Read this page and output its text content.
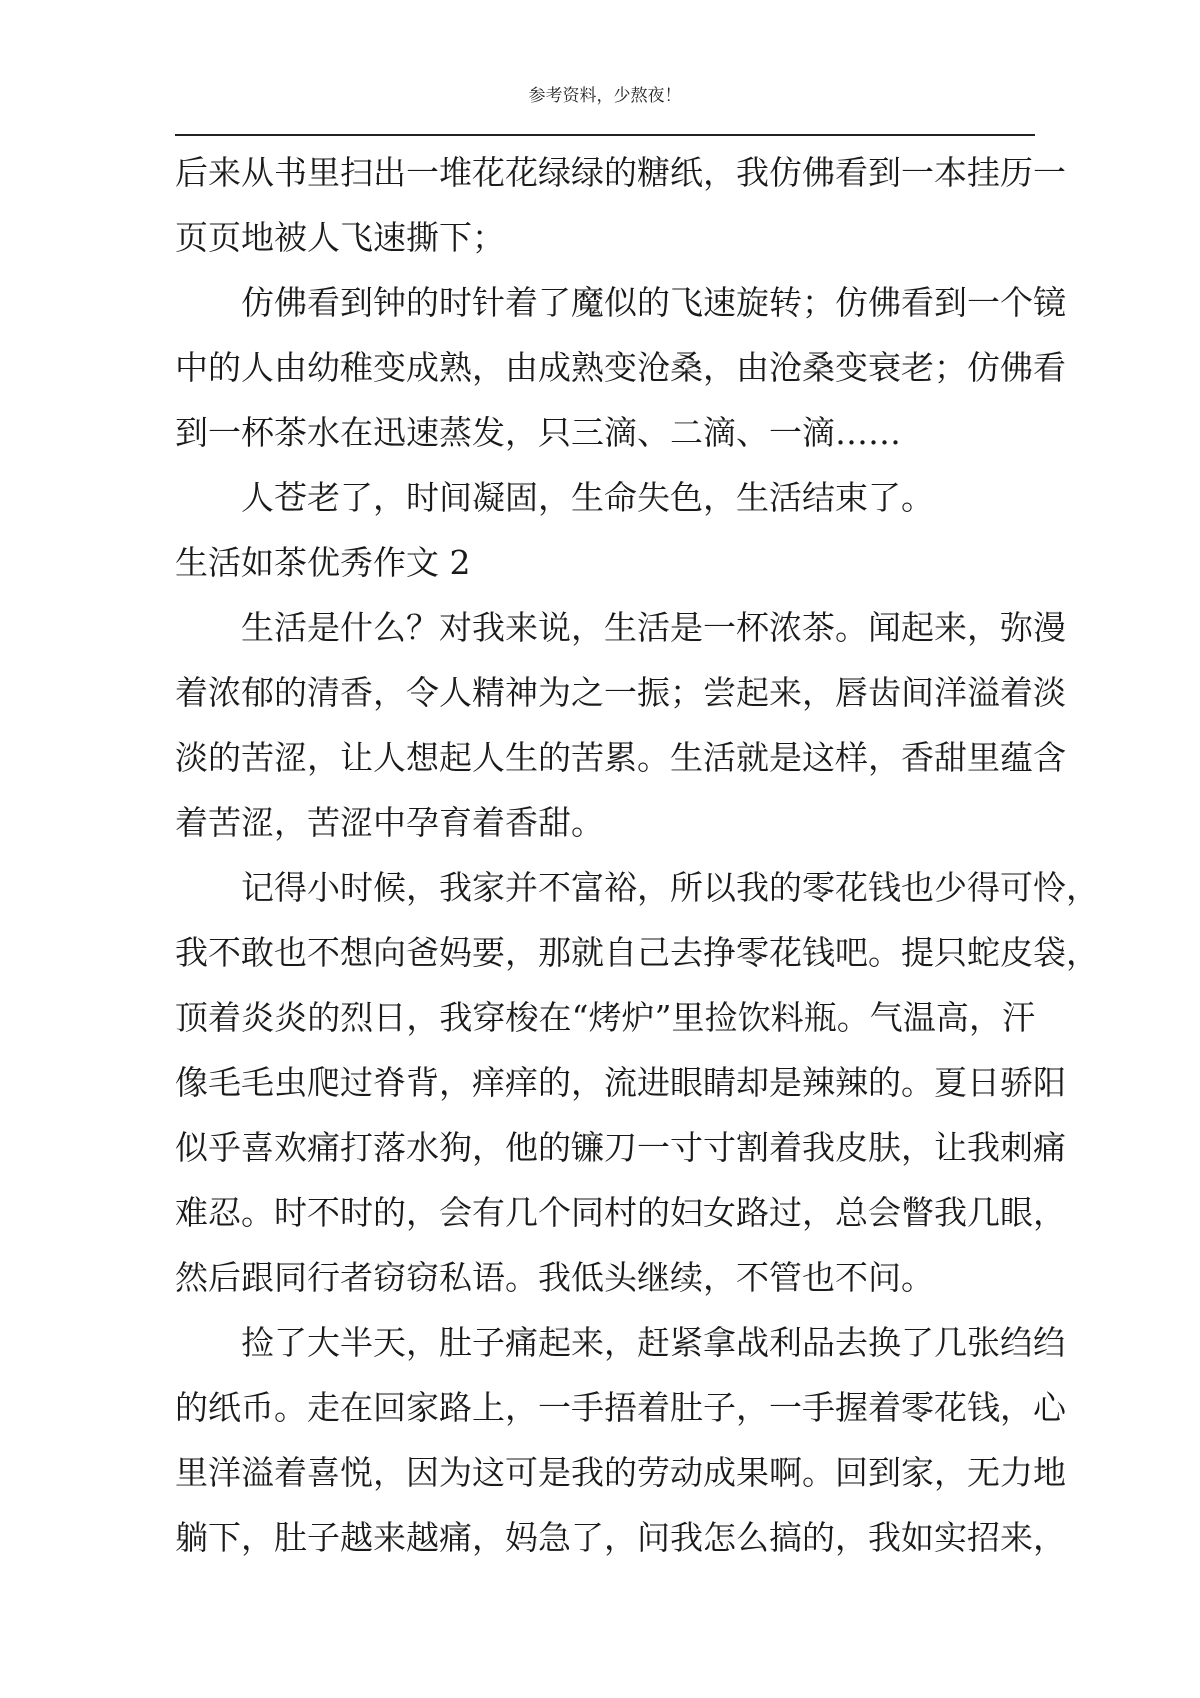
参考资料，少熬夜！
后来从书里扫出一堆花花绿绿的糖纸，我仿佛看到一本挂历一
页页地被人飞速撕下；
仿佛看到钟的时针着了魔似的飞速旋转；仿佛看到一个镜
中的人由幼稚变成熟，由成熟变沧桑，由沧桑变衰老；仿佛看
到一杯茶水在迅速蒸发，只三滴、二滴、一滴……
人苍老了，时间凝固，生命失色，生活结束了。
生活如茶优秀作文 2
生活是什么？对我来说，生活是一杯浓茶。闻起来，弥漫
着浓郁的清香，令人精神为之一振；尝起来，唇齿间洋溢着淡
淡的苦涩，让人想起人生的苦累。生活就是这样，香甜里蕴含
着苦涩，苦涩中孕育着香甜。
记得小时候，我家并不富裕，所以我的零花钱也少得可怜，
我不敢也不想向爸妈要，那就自己去挣零花钱吧。提只蛇皮袋，
顶着炎炎的烈日，我穿梭在“烤炉”里捡饮料瓶。气温高，汗
像毛毛虫爬过脊背，痒痒的，流进眼睛却是辣辣的。夏日骄阳
似乎喜欢痛打落水狗，他的镰刀一寸寸割着我皮肤，让我刺痛
难忍。时不时的，会有几个同村的妇女路过，总会瞥我几眼，
然后跟同行者窃窃私语。我低头继续，不管也不问。
捡了大半天，肚子痛起来，赶紧拿战利品去换了几张绉绉
的纸币。走在回家路上，一手捂着肚子，一手握着零花钱，心
里洋溢着喜悦，因为这可是我的劳动成果啊。回到家，无力地
躺下，肚子越来越痛，妈急了，问我怎么搞的，我如实招来，
